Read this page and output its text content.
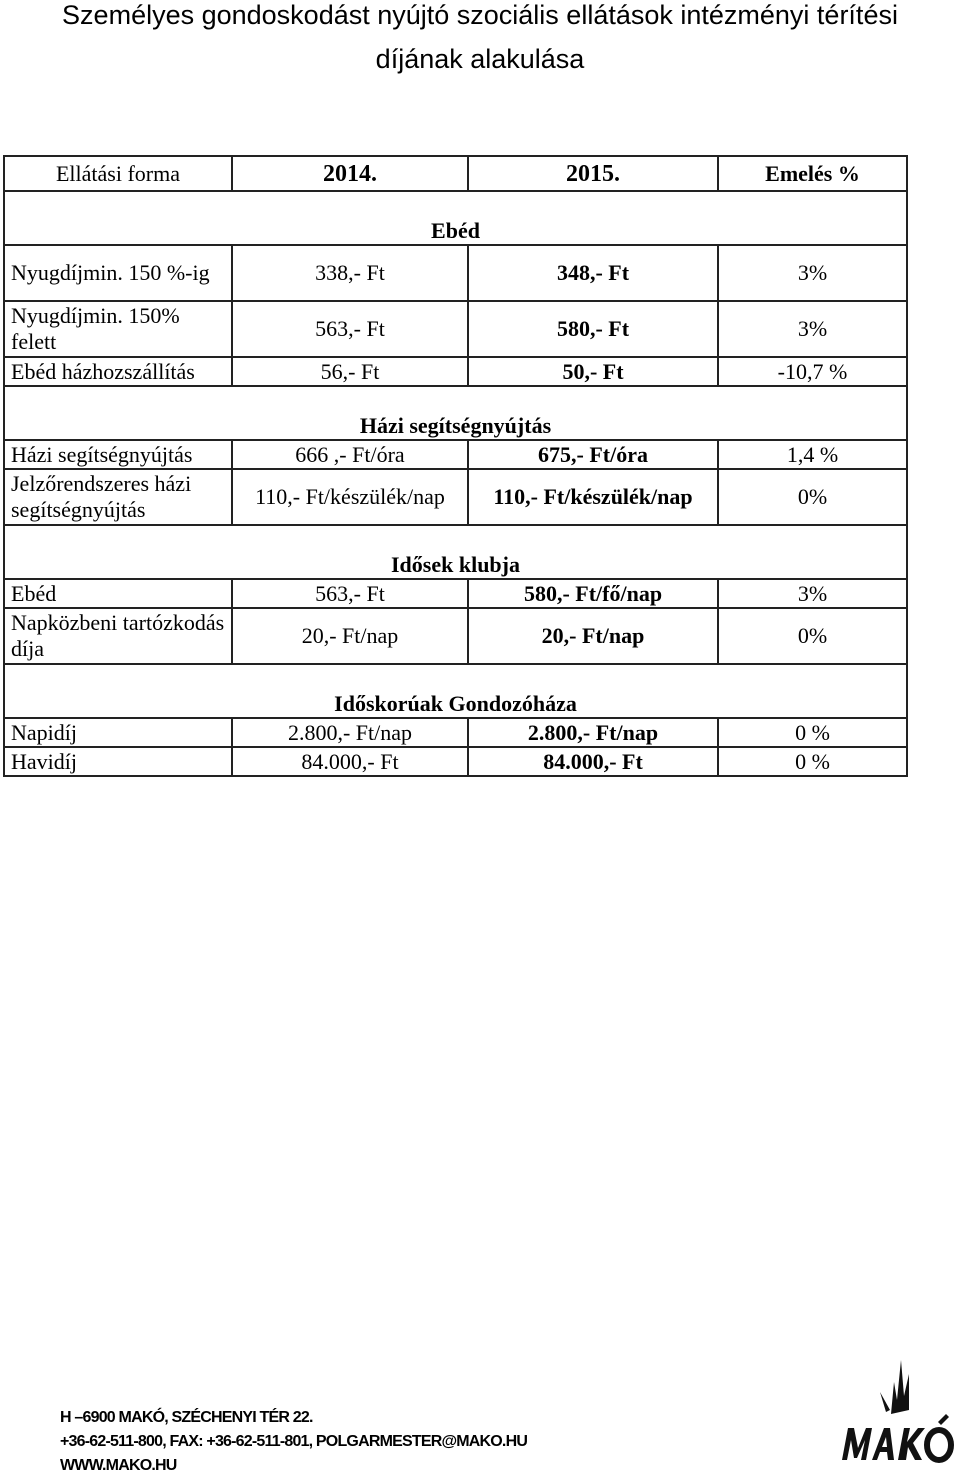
Személyes gondoskodást nyújtó szociális ellátások intézményi térítési
díjának alakulása
Ellátási forma	2014.	2015.	Emelés %
Ebéd			
Nyugdíjmin. 150 %-ig	338,- Ft	348,- Ft	3%
Nyugdíjmin. 150% felett	563,- Ft	580,- Ft	3%
Ebéd házhozszállítás	56,- Ft	50,- Ft	-10,7 %
Házi segítségnyújtás			
Házi segítségnyújtás	666 ,- Ft/óra	675,- Ft/óra	1,4 %
Jelzőrendszeres házi segítségnyújtás	110,- Ft/készülék/nap	110,- Ft/készülék/nap	0%
Idősek klubja			
Ebéd	563,- Ft	580,- Ft/fő/nap	3%
Napközbeni tartózkodás díja	20,- Ft/nap	20,- Ft/nap	0%
Időskorúak Gondozóháza			
Napidíj	2.800,- Ft/nap	2.800,- Ft/nap	0 %
Havidíj	84.000,- Ft	84.000,- Ft	0 %
H –6900 MAKÓ, SZÉCHENYI TÉR 22.
+36-62-511-800, FAX: +36-62-511-801, POLGARMESTER@MAKO.HU
WWW.MAKO.HU
